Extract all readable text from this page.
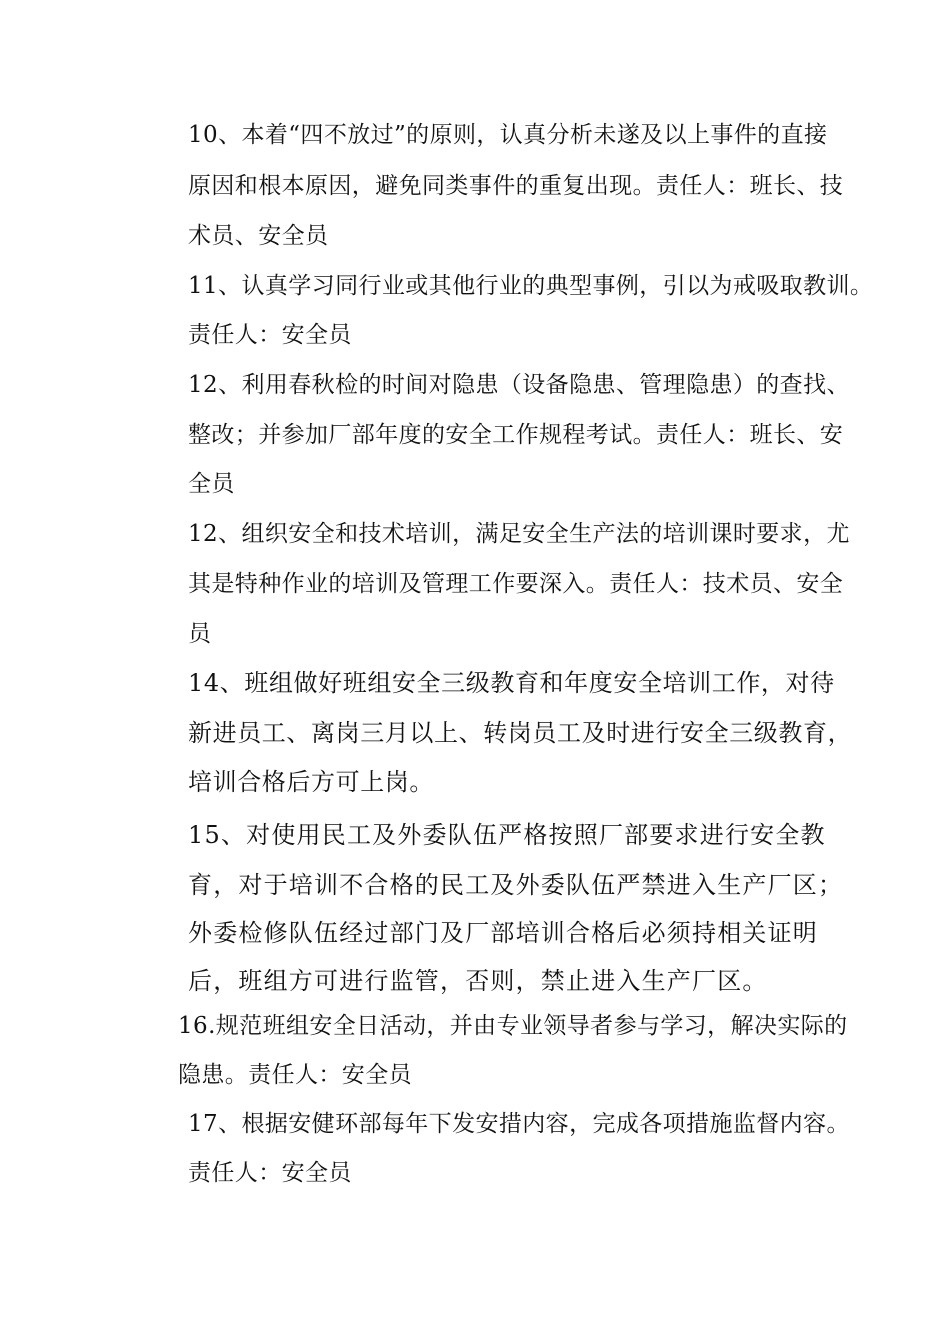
10、本着“四不放过”的原则，认真分析未遂及以上事件的直接
原因和根本原因，避免同类事件的重复出现。责任人：班长、技
术员、安全员
11、认真学习同行业或其他行业的典型事例，引以为戒吸取教训。
责任人：安全员
12、利用春秋检的时间对隐患（设备隐患、管理隐患）的查找、
整改；并参加厂部年度的安全工作规程考试。责任人：班长、安
全员
12、组织安全和技术培训，满足安全生产法的培训课时要求，尤
其是特种作业的培训及管理工作要深入。责任人：技术员、安全
员
14、班组做好班组安全三级教育和年度安全培训工作，对待
新进员工、离岗三月以上、转岗员工及时进行安全三级教育，
培训合格后方可上岗。
15、对使用民工及外委队伍严格按照厂部要求进行安全教
育，对于培训不合格的民工及外委队伍严禁进入生产厂区；
外委检修队伍经过部门及厂部培训合格后必须持相关证明
后，班组方可进行监管，否则，禁止进入生产厂区。
16.规范班组安全日活动，并由专业领导者参与学习，解决实际的
隐患。责任人：安全员
17、根据安健环部每年下发安措内容，完成各项措施监督内容。
责任人：安全员
